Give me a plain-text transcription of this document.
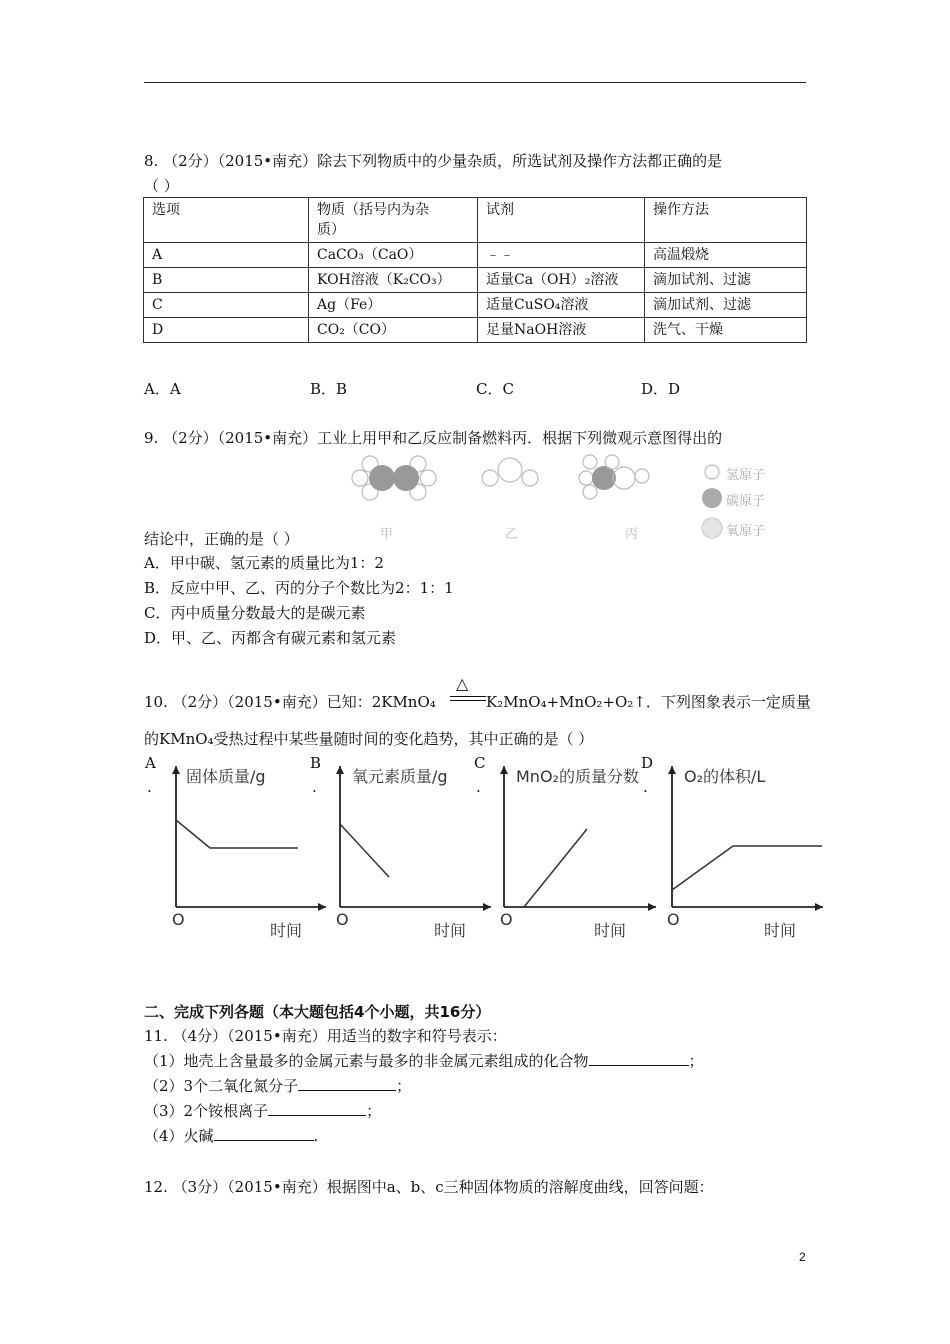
8. （2分）（2015•南充）除去下列物质中的少量杂质，所选试剂及操作方法都正确的是
（ ）
选项	物质（括号内为杂
质）	试剂	操作方法
A	CaCO₃（CaO）	﹣﹣	高温煅烧
B	KOH溶液（K₂CO₃）	适量Ca（OH）₂溶液	滴加试剂、过滤
C	Ag（Fe）	适量CuSO₄溶液	滴加试剂、过滤
D	CO₂（CO）	足量NaOH溶液	洗气、干燥
A．A	B．B	C．C	D．D
9. （2分）（2015•南充）工业上用甲和乙反应制备燃料丙．根据下列微观示意图得出的
氢原子
碳原子
氧原子
甲	乙	丙
结论中，正确的是（ ）
A．甲中碳、氢元素的质量比为1：2
B．反应中甲、乙、丙的分子个数比为2：1：1
C．丙中质量分数最大的是碳元素
D．甲、乙、丙都含有碳元素和氢元素
10. （2分）（2015•南充）已知：2KMnO₄
△
K₂MnO₄+MnO₂+O₂↑．下列图象表示一定质量
的KMnO₄受热过程中某些量随时间的变化趋势，其中正确的是（ ）
A
.
B
.
C
.
D
.
固体质量/g	氧元素质量/g	MnO₂的质量分数	O₂的体积/L
O	O	O	O
时间	时间	时间	时间
二、完成下列各题（本大题包括4个小题，共16分）
11. （4分）（2015•南充）用适当的数字和符号表示：
（1）地壳上含量最多的金属元素与最多的非金属元素组成的化合物	；
（2）3个二氧化氮分子	；
（3）2个铵根离子	；
（4）火碱	.
12. （3分）（2015•南充）根据图中a、b、c三种固体物质的溶解度曲线，回答问题：
2
